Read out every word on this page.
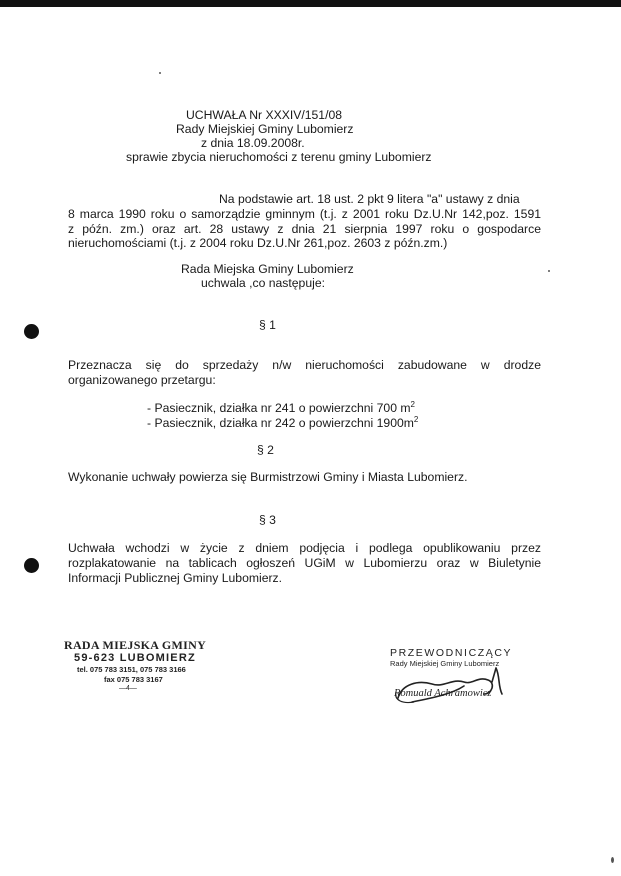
UCHWAŁA Nr XXXIV/151/08
Rady Miejskiej Gminy Lubomierz
z dnia 18.09.2008r.
sprawie zbycia nieruchomości z terenu gminy Lubomierz
Na podstawie art. 18 ust. 2 pkt 9 litera "a" ustawy z dnia
8 marca 1990 roku o samorządzie gminnym (t.j. z 2001 roku Dz.U.Nr 142,poz. 1591
z późn. zm.) oraz art. 28 ustawy z dnia 21 sierpnia 1997 roku o gospodarce
nieruchomościami (t.j. z 2004 roku Dz.U.Nr 261,poz. 2603 z późn.zm.)
Rada Miejska Gminy Lubomierz
uchwala ,co następuje:
§ 1
Przeznacza się do sprzedaży n/w nieruchomości zabudowane w drodze
organizowanego przetargu:
- Pasiecznik, działka nr 241 o powierzchni 700 $m^2$
- Pasiecznik, działka nr 242 o powierzchni $1900m^2$
§ 2
Wykonanie uchwały powierza się Burmistrzowi Gminy i Miasta Lubomierz.
§ 3
Uchwała wchodzi w życie z dniem podjęcia i podlega opublikowaniu przez
rozplakatowanie na tablicach ogłoszeń UGiM w Lubomierzu oraz w Biuletynie
Informacji Publicznej Gminy Lubomierz.
RADA MIEJSKA GMINY
59-623 LUBOMIERZ
tel. 075 783 3151, 075 783 3166
fax 075 783 3167
—4—
PRZEWODNICZĄCY
Rady Miejskiej Gminy Lubomierz
Romuald Achramowicz
